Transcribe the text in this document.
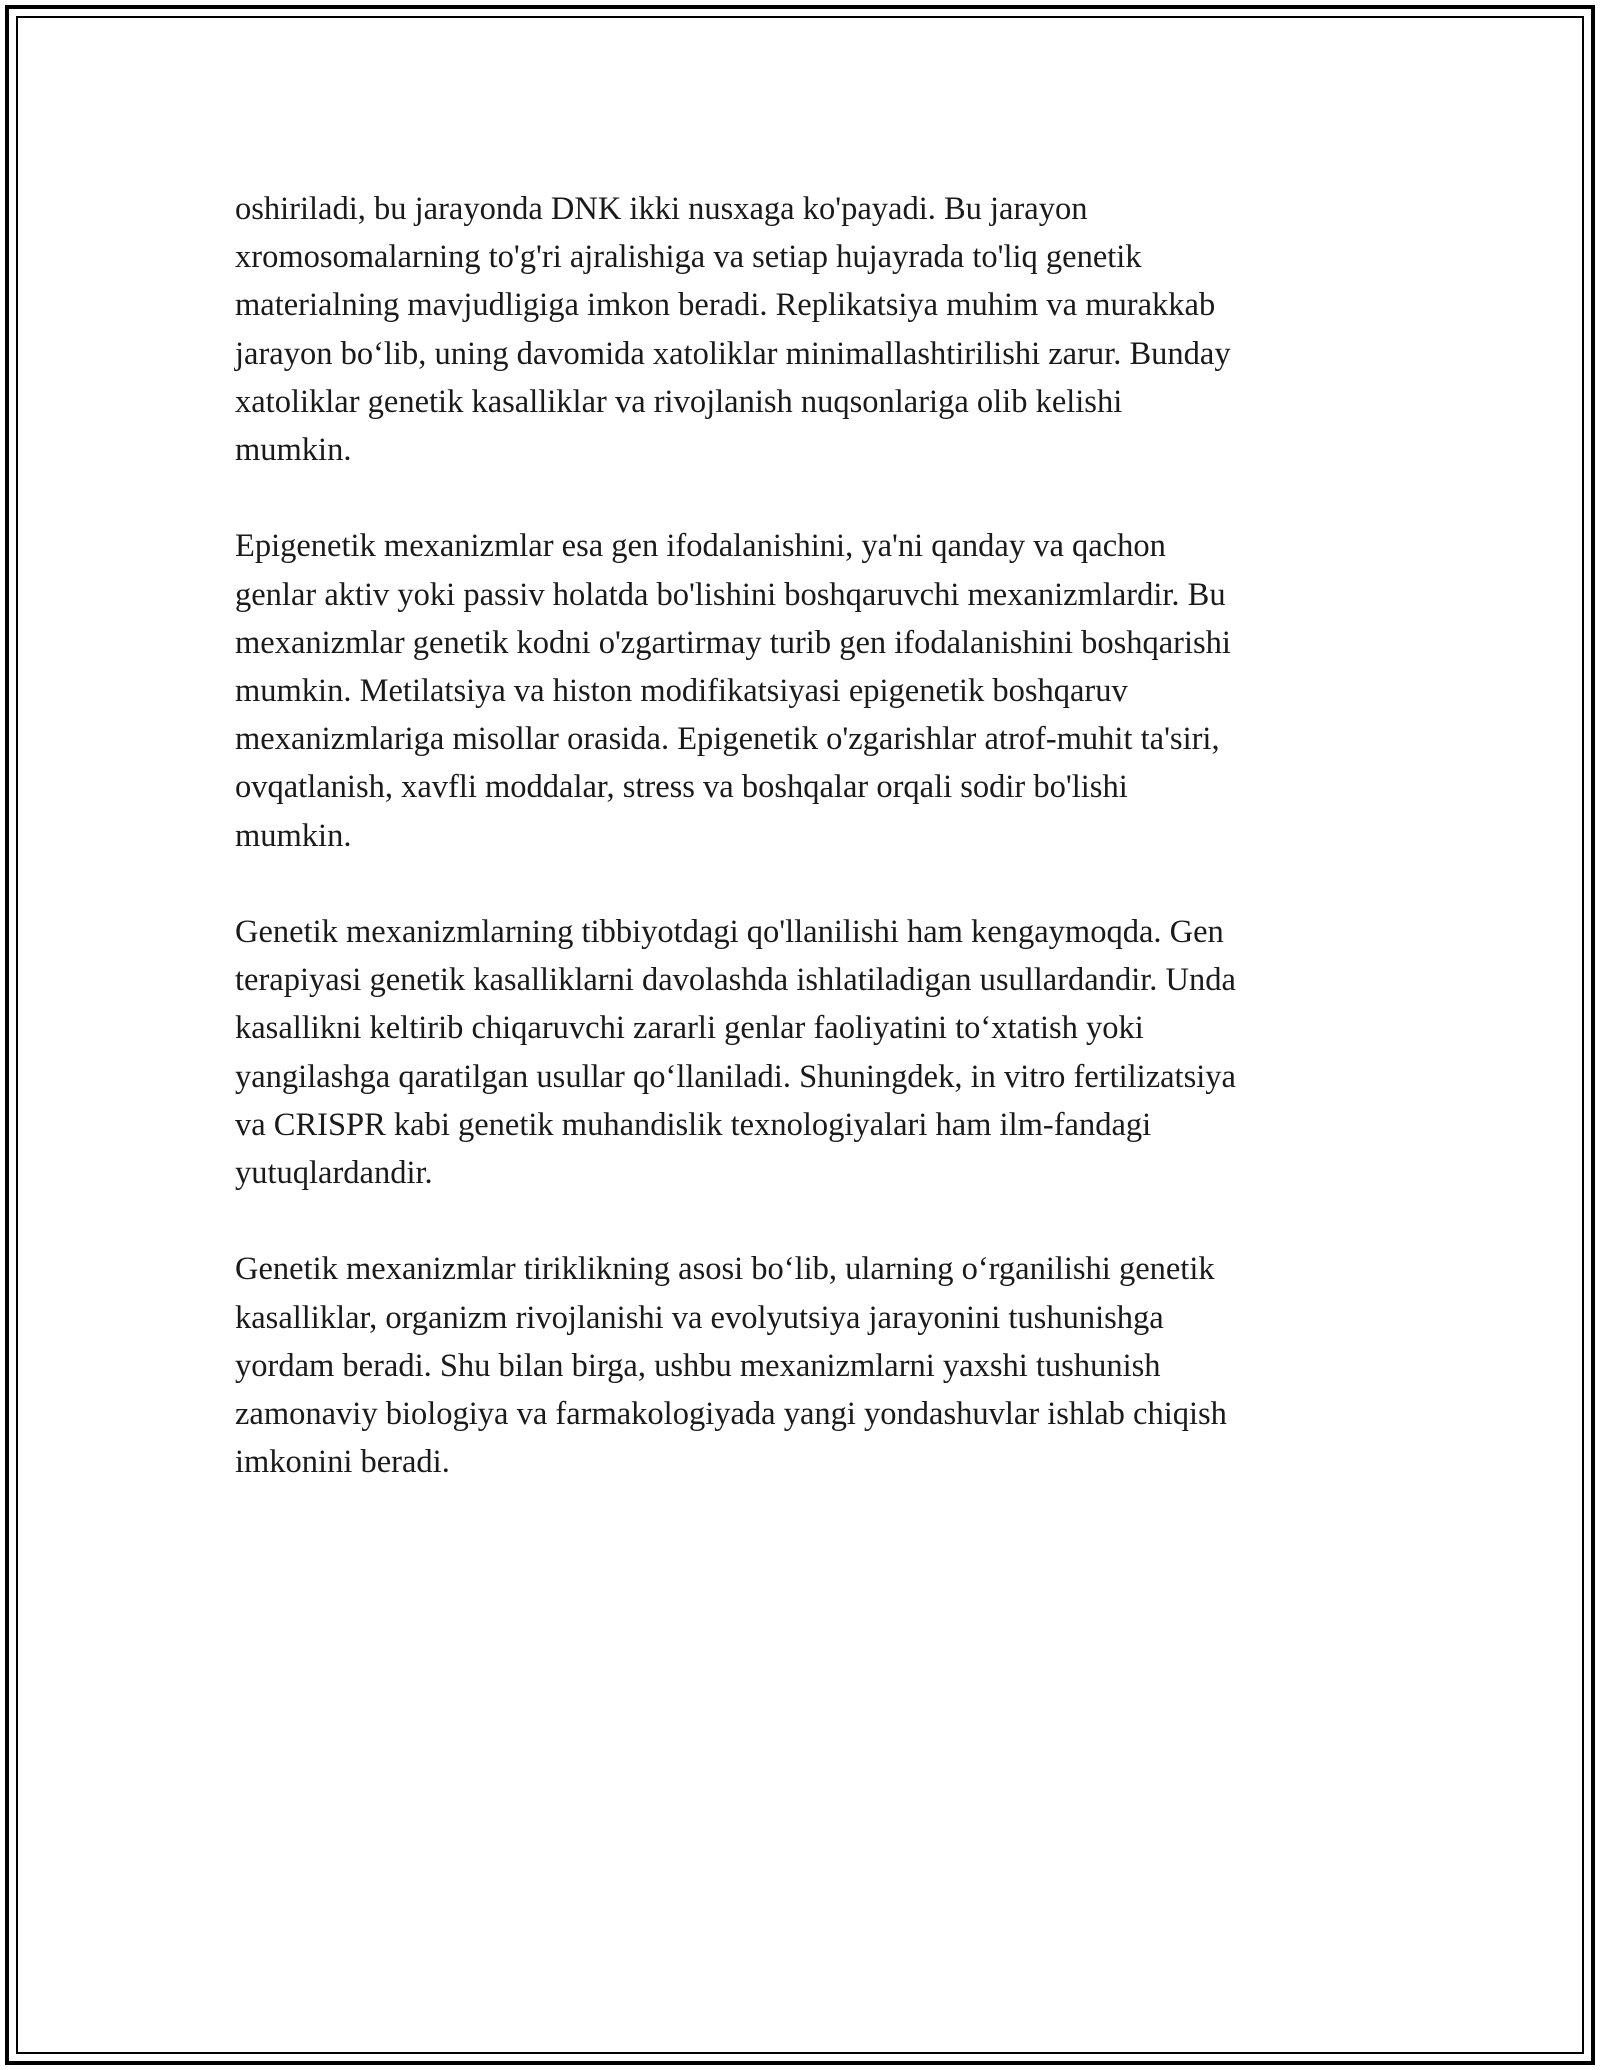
oshiriladi, bu jarayonda DNK ikki nusxaga ko'payadi. Bu jarayon
xromosomalarning to'g'ri ajralishiga va setiap hujayrada to'liq genetik
materialning mavjudligiga imkon beradi. Replikatsiya muhim va murakkab
jarayon bo‘lib, uning davomida xatoliklar minimallashtirilishi zarur. Bunday
xatoliklar genetik kasalliklar va rivojlanish nuqsonlariga olib kelishi
mumkin.

Epigenetik mexanizmlar esa gen ifodalanishini, ya'ni qanday va qachon
genlar aktiv yoki passiv holatda bo'lishini boshqaruvchi mexanizmlardir. Bu
mexanizmlar genetik kodni o'zgartirmay turib gen ifodalanishini boshqarishi
mumkin. Metilatsiya va histon modifikatsiyasi epigenetik boshqaruv
mexanizmlariga misollar orasida. Epigenetik o'zgarishlar atrof-muhit ta'siri,
ovqatlanish, xavfli moddalar, stress va boshqalar orqali sodir bo'lishi
mumkin.

Genetik mexanizmlarning tibbiyotdagi qo'llanilishi ham kengaymoqda. Gen
terapiyasi genetik kasalliklarni davolashda ishlatiladigan usullardandir. Unda
kasallikni keltirib chiqaruvchi zararli genlar faoliyatini to‘xtatish yoki
yangilashga qaratilgan usullar qo‘llaniladi. Shuningdek, in vitro fertilizatsiya
va CRISPR kabi genetik muhandislik texnologiyalari ham ilm-fandagi
yutuqlardandir.

Genetik mexanizmlar tiriklikning asosi bo‘lib, ularning o‘rganilishi genetik
kasalliklar, organizm rivojlanishi va evolyutsiya jarayonini tushunishga
yordam beradi. Shu bilan birga, ushbu mexanizmlarni yaxshi tushunish
zamonaviy biologiya va farmakologiyada yangi yondashuvlar ishlab chiqish
imkonini beradi.
